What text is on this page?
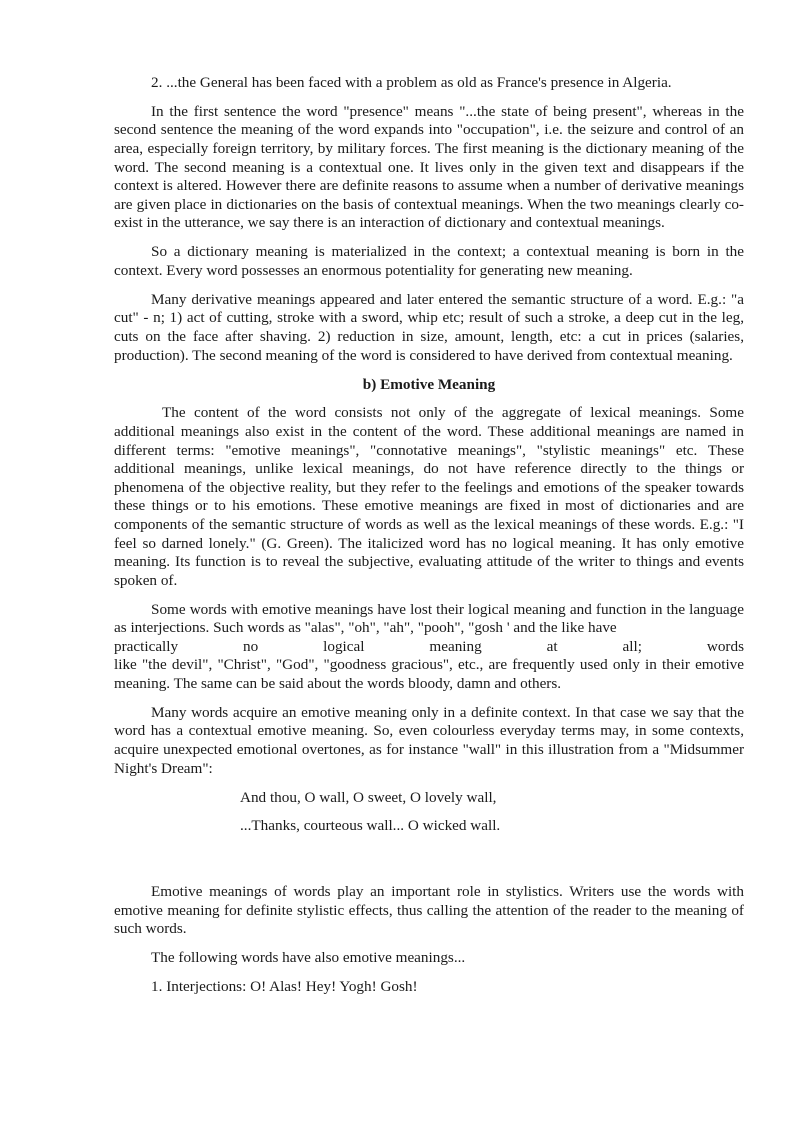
2. ...the General has been faced with a problem as old as France's presence in Algeria.

In the first sentence the word "presence" means "...the state of being present", whereas in the second sentence the meaning of the word expands into "occupation", i.e. the seizure and control of an area, especially foreign territory, by military forces. The first meaning is the dictionary meaning of the word. The second meaning is a contextual one. It lives only in the given text and disappears if the context is altered. However there are definite reasons to assume when a number of derivative meanings are given place in dictionaries on the basis of contextual meanings. When the two meanings clearly co-exist in the utterance, we say there is an interaction of dictionary and contextual meanings.

So a dictionary meaning is materialized in the context; a contextual meaning is born in the context. Every word possesses an enormous potentiality for generating new meaning.

Many derivative meanings appeared and later entered the semantic structure of a word. E.g.: "a cut" - n; 1) act of cutting, stroke with a sword, whip etc; result of such a stroke, a deep cut in the leg, cuts on the face after shaving. 2) reduction in size, amount, length, etc: a cut in prices (salaries, production). The second meaning of the word is considered to have derived from contextual meaning.

b) Emotive Meaning

The content of the word consists not only of the aggregate of lexical meanings. Some additional meanings also exist in the content of the word. These additional meanings are named in different terms: "emotive meanings", "connotative meanings", "stylistic meanings" etc. These additional meanings, unlike lexical meanings, do not have reference directly to the things or phenomena of the objective reality, but they refer to the feelings and emotions of the speaker towards these things or to his emotions. These emotive meanings are fixed in most of dictionaries and are components of the semantic structure of words as well as the lexical meanings of these words. E.g.: "I feel so darned lonely." (G. Green). The italicized word has no logical meaning. It has only emotive meaning. Its function is to reveal the subjective, evaluating attitude of the writer to things and events spoken of.

Some words with emotive meanings have lost their logical meaning and function in the language as interjections. Such words as "alas", "oh", "ah", "pooh", "gosh ' and the like have
practically no logical meaning at all; words
like "the devil", "Christ", "God", "goodness gracious", etc., are frequently used only in their emotive meaning. The same can be said about the words bloody, damn and others.

Many words acquire an emotive meaning only in a definite context. In that case we say that the word has a contextual emotive meaning. So, even colourless everyday terms may, in some contexts, acquire unexpected emotional overtones, as for instance "wall" in this illustration from a "Midsummer Night's Dream":

And thou, O wall, O sweet, O lovely wall,

...Thanks, courteous wall... O wicked wall.

Emotive meanings of words play an important role in stylistics. Writers use the words with emotive meaning for definite stylistic effects, thus calling the attention of the reader to the meaning of such words.

The following words have also emotive meanings...

1. Interjections: O! Alas! Hey! Yogh! Gosh!
